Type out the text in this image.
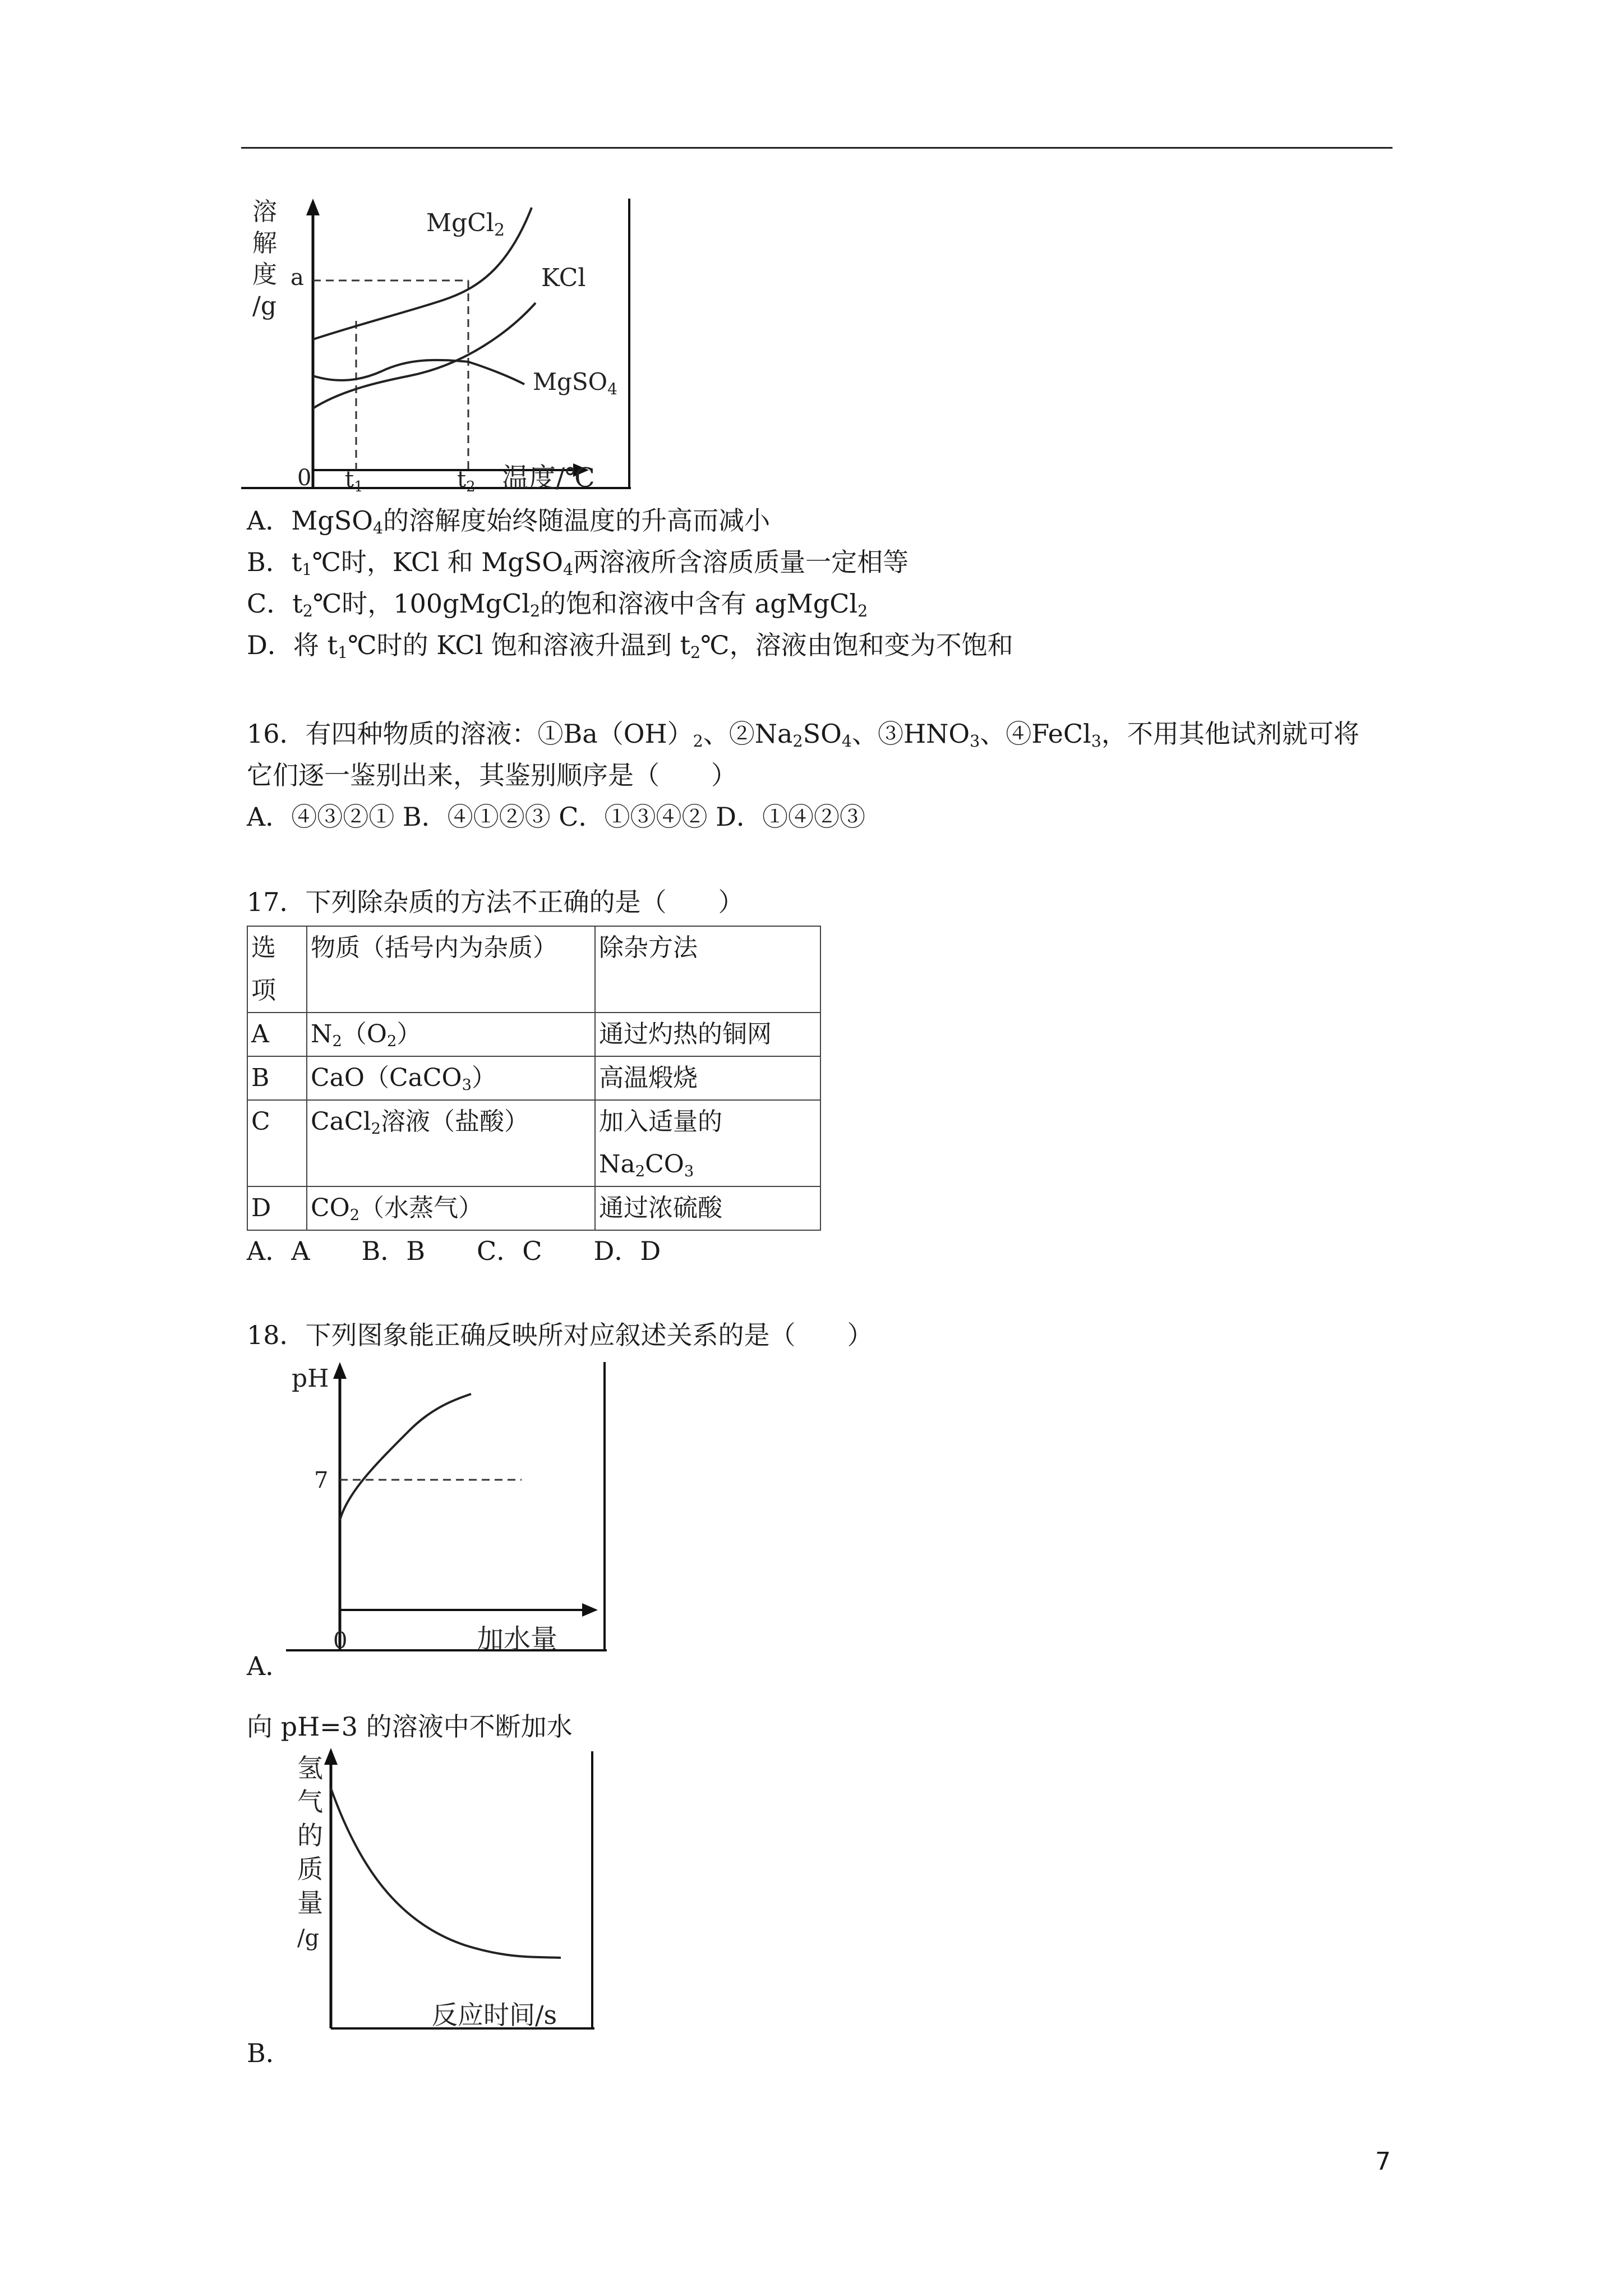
溶
解
度
/g
a
0 $t_1$	$t_2$ 温度/℃
MgCl2
KCl
MgSO4
A．MgSO$_4$的溶解度始终随温度的升高而减小
B．$t_1℃$时，KCl 和 MgSO$_4$两溶液所含溶质质量一定相等
C．$t_2℃$时，100gMgCl$_2$的饱和溶液中含有 agMgCl$_2$
D．将 $t_1℃$时的 KCl 饱和溶液升温到 $t_2℃$，溶液由饱和变为不饱和
16．有四种物质的溶液：$①Ba(OH)_2$、$②Na_2SO_4$、$③HNO_3$、④FeCl$_3$，不用其他试剂就可将
它们逐一鉴别出来，其鉴别顺序是（　　）
A．④③②① B．④①②③ C．①③④② D．①④②③
17．下列除杂质的方法不正确的是（　　）
选
项	物质（括号内为杂质）	除杂方法
A	$N_2(O_2)$	通过灼热的铜网
B	CaO（CaCO$_3$）	高温煅烧
C	CaCl$_2$溶液（盐酸）	加入适量的
$Na_2CO_3$
D	$CO_2$（水蒸气）	通过浓硫酸
A．A　　B．B　　C．C　　D．D
18．下列图象能正确反映所对应叙述关系的是（　　）
pH
7
0	加水量
A．
向 pH=3 的溶液中不断加水
氢
气
的
质
量
/g
反应时间/s
B．
7
